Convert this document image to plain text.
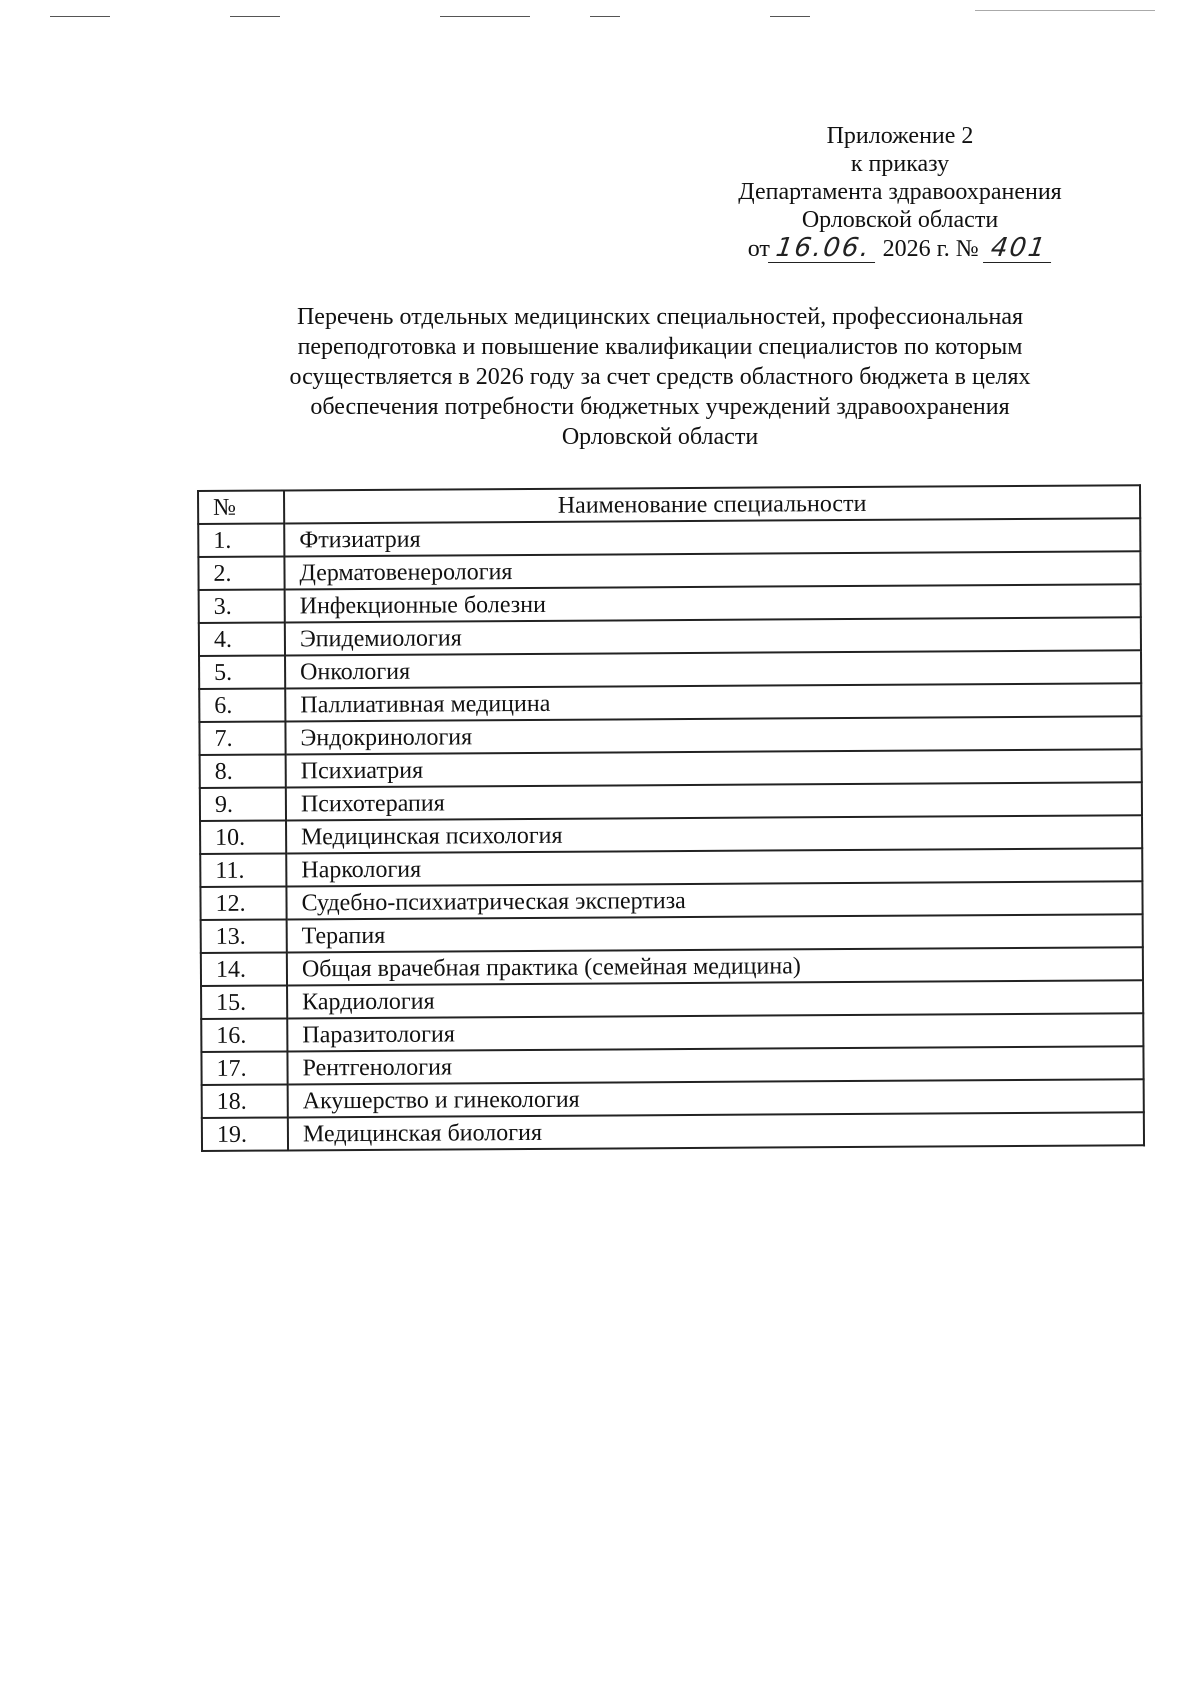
Приложение 2
к приказу
Департамента здравоохранения
Орловской области
от 16.06. 2026 г. № 401
Перечень отдельных медицинских специальностей, профессиональная
переподготовка и повышение квалификации специалистов по которым
осуществляется в 2026 году за счет средств областного бюджета в целях
обеспечения потребности бюджетных учреждений здравоохранения
Орловской области
№	Наименование специальности
1.	Фтизиатрия
2.	Дерматовенерология
3.	Инфекционные болезни
4.	Эпидемиология
5.	Онкология
6.	Паллиативная медицина
7.	Эндокринология
8.	Психиатрия
9.	Психотерапия
10.	Медицинская психология
11.	Наркология
12.	Судебно-психиатрическая экспертиза
13.	Терапия
14.	Общая врачебная практика (семейная медицина)
15.	Кардиология
16.	Паразитология
17.	Рентгенология
18.	Акушерство и гинекология
19.	Медицинская биология
